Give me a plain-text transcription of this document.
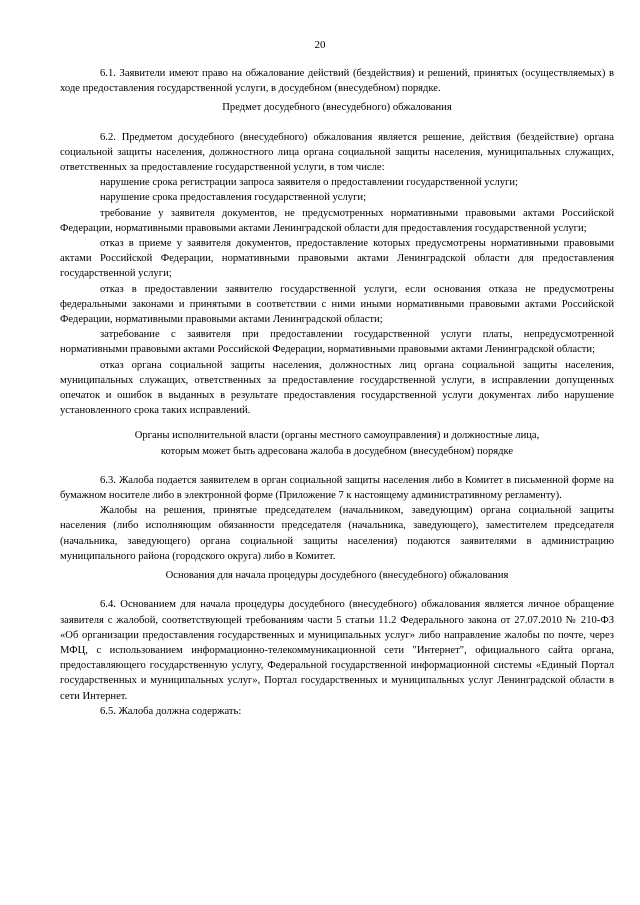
20

6.1. Заявители имеют право на обжалование действий (бездействия) и решений, принятых (осуществляемых) в ходе предоставления государственной услуги, в досудебном (внесудебном) порядке.

Предмет досудебного (внесудебного) обжалования

6.2. Предметом досудебного (внесудебного) обжалования является решение, действия (бездействие) органа социальной защиты населения, должностного лица органа социальной защиты населения, муниципальных служащих, ответственных за предоставление государственной услуги, в том числе:

нарушение срока регистрации запроса заявителя о предоставлении государственной услуги;

нарушение срока предоставления государственной услуги;

требование у заявителя документов, не предусмотренных нормативными правовыми актами Российской Федерации, нормативными правовыми актами Ленинградской области для предоставления государственной услуги;

отказ в приеме у заявителя документов, предоставление которых предусмотрены нормативными правовыми актами Российской Федерации, нормативными правовыми актами Ленинградской области для предоставления государственной услуги;

отказ в предоставлении заявителю государственной услуги, если основания отказа не предусмотрены федеральными законами и принятыми в соответствии с ними иными нормативными правовыми актами Российской Федерации, нормативными правовыми актами Ленинградской области;

затребование с заявителя при предоставлении государственной услуги платы, непредусмотренной нормативными правовыми актами Российской Федерации, нормативными правовыми актами Ленинградской области;

отказ органа социальной защиты населения, должностных лиц органа социальной защиты населения, муниципальных служащих, ответственных за предоставление государственной услуги, в исправлении допущенных опечаток и ошибок в выданных в результате предоставления государственной услуги документах либо нарушение установленного срока таких исправлений.

Органы исполнительной власти (органы местного самоуправления) и должностные лица,

которым может быть адресована жалоба в досудебном (внесудебном) порядке

6.3. Жалоба подается заявителем в орган социальной защиты населения либо в Комитет в письменной форме на бумажном носителе либо в электронной форме (Приложение 7 к настоящему административному регламенту).

Жалобы на решения, принятые председателем (начальником, заведующим) органа социальной защиты населения (либо исполняющим обязанности председателя (начальника, заведующего), заместителем председателя (начальника, заведующего) органа социальной защиты населения) подаются заявителями в администрацию муниципального района (городского округа) либо в Комитет.

Основания для начала процедуры досудебного (внесудебного) обжалования

6.4. Основанием для начала процедуры досудебного (внесудебного) обжалования является личное обращение заявителя с жалобой, соответствующей требованиям части 5 статьи 11.2 Федерального закона от 27.07.2010 № 210-ФЗ «Об организации предоставления государственных и муниципальных услуг» либо направление жалобы по почте, через МФЦ, с использованием информационно-телекоммуникационной сети "Интернет", официального сайта органа, предоставляющего государственную услугу, Федеральной государственной информационной системы «Единый Портал государственных и муниципальных услуг», Портал государственных и муниципальных услуг Ленинградской области в сети Интернет.

6.5. Жалоба должна содержать:
